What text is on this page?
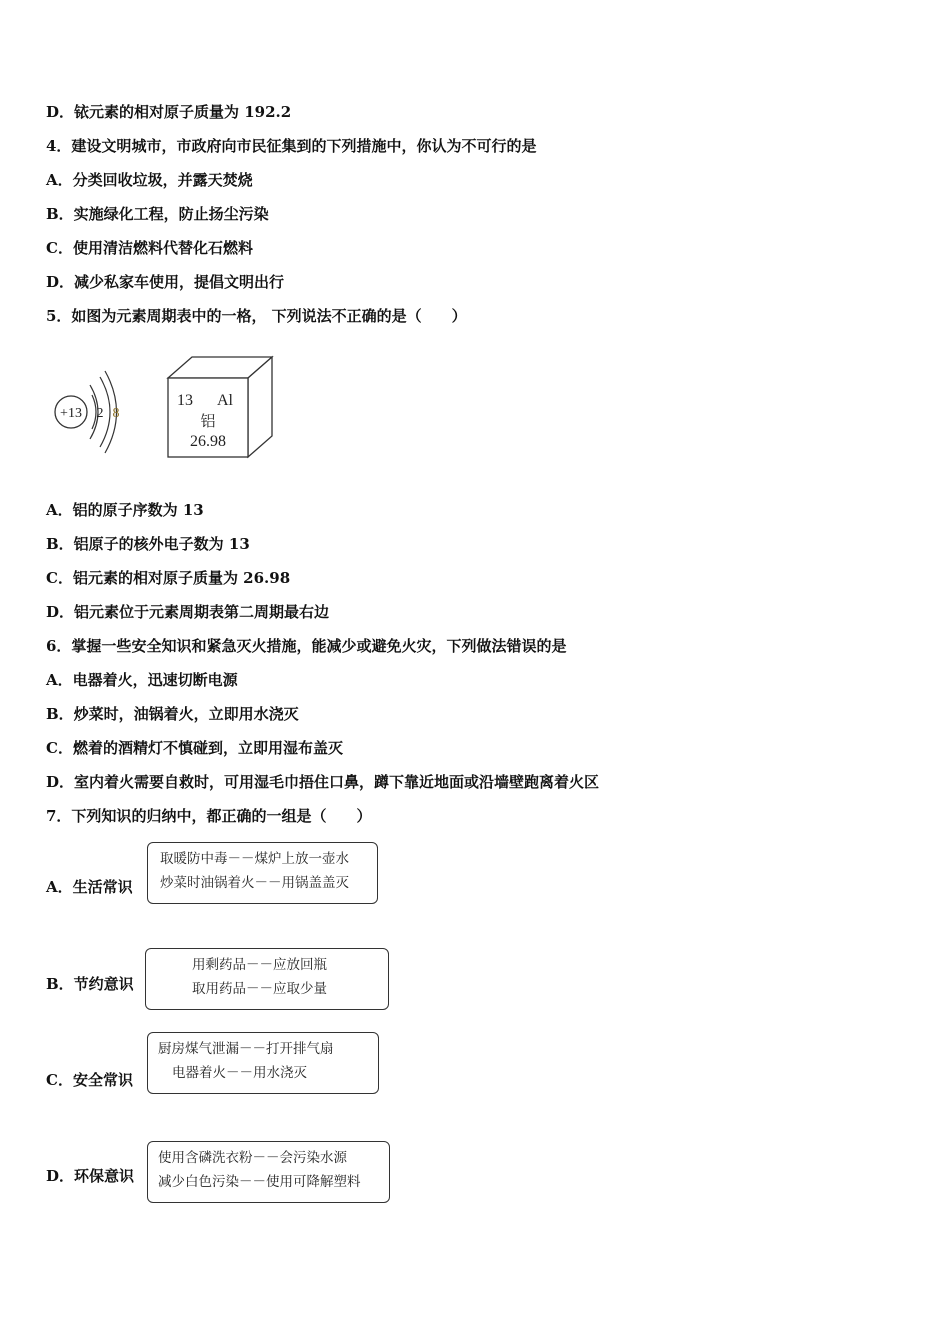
D．铱元素的相对原子质量为 192.2
4．建设文明城市，市政府向市民征集到的下列措施中，你认为不可行的是
A．分类回收垃圾，并露天焚烧
B．实施绿化工程，防止扬尘污染
C．使用清洁燃料代替化石燃料
D．减少私家车使用，提倡文明出行
5．如图为元素周期表中的一格， 下列说法不正确的是（　　）
+13 2 8
13 Al
铝
26.98
A．铝的原子序数为 13
B．铝原子的核外电子数为 13
C．铝元素的相对原子质量为 26.98
D．铝元素位于元素周期表第二周期最右边
6．掌握一些安全知识和紧急灭火措施，能减少或避免火灾，下列做法错误的是
A．电器着火，迅速切断电源
B．炒菜时，油锅着火，立即用水浇灭
C．燃着的酒精灯不慎碰到，立即用湿布盖灭
D．室内着火需要自救时，可用湿毛巾捂住口鼻，蹲下靠近地面或沿墙壁跑离着火区
7．下列知识的归纳中，都正确的一组是（　　）
A．生活常识
取暖防中毒－－煤炉上放一壶水
炒菜时油锅着火－－用锅盖盖灭
B．节约意识
用剩药品－－应放回瓶
取用药品－－应取少量
C．安全常识
厨房煤气泄漏－－打开排气扇
电器着火－－用水浇灭
D．环保意识
使用含磷洗衣粉－－会污染水源
减少白色污染－－使用可降解塑料
